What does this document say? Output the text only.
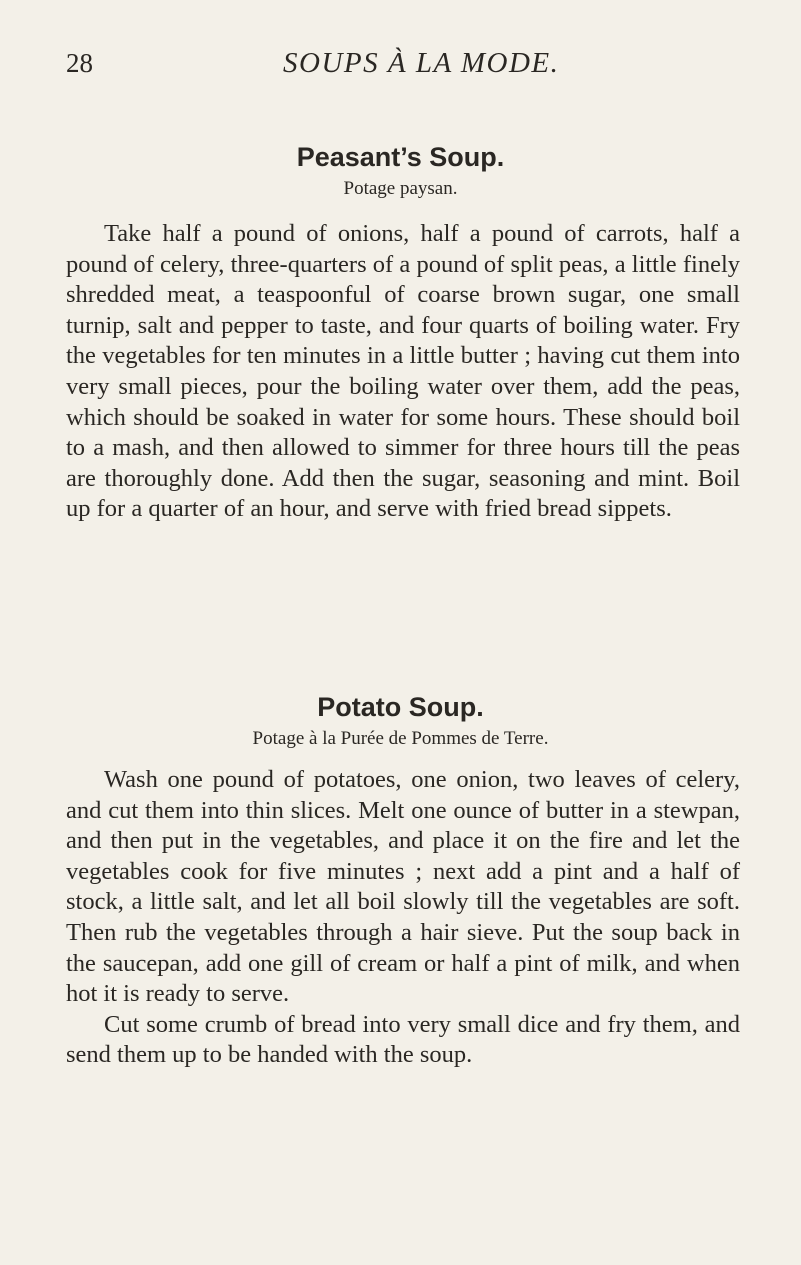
28	SOUPS À LA MODE.
Peasant’s Soup.
Potage paysan.

Take half a pound of onions, half a pound of carrots, half a pound of celery, three-quarters of a pound of split peas, a little finely shredded meat, a teaspoonful of coarse brown sugar, one small turnip, salt and pepper to taste, and four quarts of boiling water. Fry the vegetables for ten minutes in a little butter ; having cut them into very small pieces, pour the boiling water over them, add the peas, which should be soaked in water for some hours. These should boil to a mash, and then allowed to simmer for three hours till the peas are thoroughly done. Add then the sugar, seasoning and mint. Boil up for a quarter of an hour, and serve with fried bread sippets.

Potato Soup.
Potage à la Purée de Pommes de Terre.

Wash one pound of potatoes, one onion, two leaves of celery, and cut them into thin slices. Melt one ounce of butter in a stewpan, and then put in the vegetables, and place it on the fire and let the vegetables cook for five minutes ; next add a pint and a half of stock, a little salt, and let all boil slowly till the vegetables are soft. Then rub the vegetables through a hair sieve. Put the soup back in the saucepan, add one gill of cream or half a pint of milk, and when hot it is ready to serve.

Cut some crumb of bread into very small dice and fry them, and send them up to be handed with the soup.
